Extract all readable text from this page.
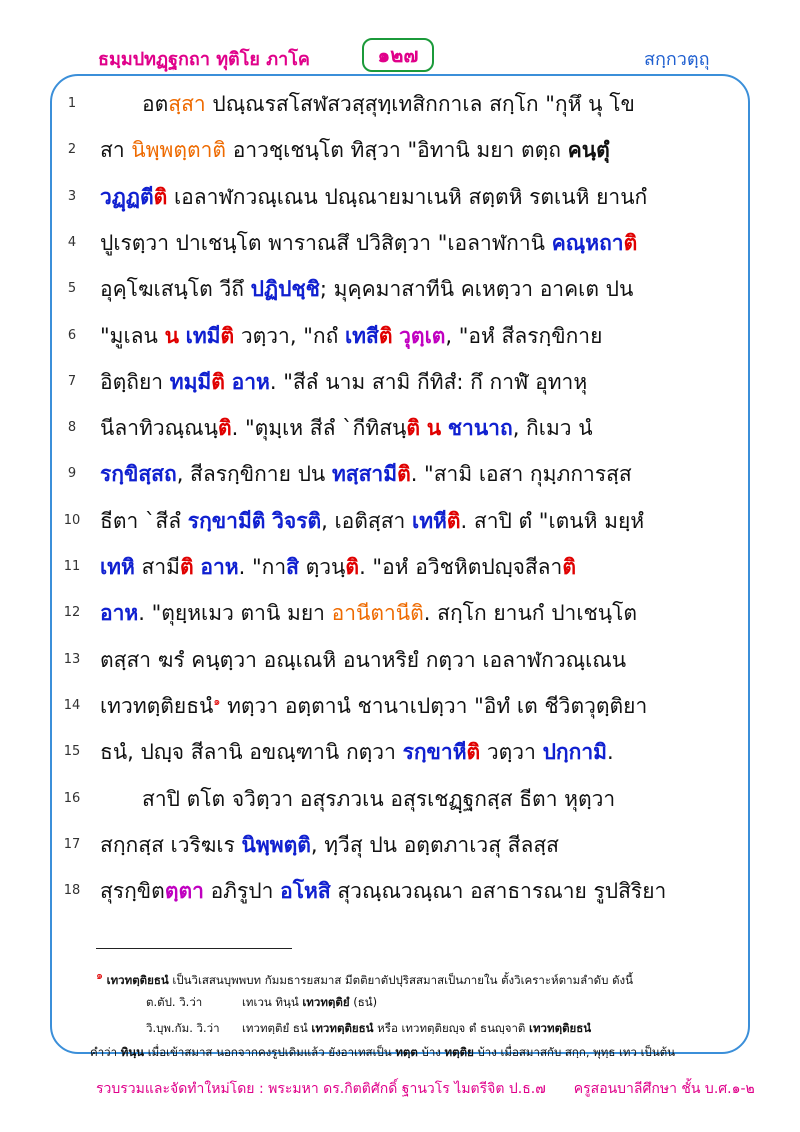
ธมฺมปทฏฺฐกถา ทุติโย ภาโค	๑๒๗	สกฺกวตฺถุ
1	อตสฺสา ปณฺณรสโสฬสวสฺสุทฺเทสิกกาเล สกฺโก "กุหึ นุ โข
2	สา นิพฺพตฺตาติ อาวชฺเชนฺโต ทิสฺวา "อิทานิ มยา ตตฺถ คนฺตุํ
3	วฏฺฏตีติ เอลาฬกวณฺเณน ปณฺณายมาเนหิ สตฺตหิ รตเนหิ ยานกํ
4	ปูเรตฺวา ปาเชนฺโต พาราณสึ ปวิสิตฺวา "เอลาฬกานิ คณฺหถาติ
5	อุคฺโฆเสนฺโต วีถึ ปฏิปชฺชิ; มุคฺคมาสาทีนิ คเหตฺวา อาคเต ปน
6	"มูเลน น เทมีติ วตฺวา, "กถํ เทสีติ วุตฺเต, "อหํ สีลรกฺขิกาย
7	อิตฺถิยา ทมฺมีติ อาห. "สีลํ นาม สามิ กีทิสํ: กึ กาฬํ อุทาหุ
8	นีลาทิวณฺณนฺติ. "ตุมฺเห สีลํ `กีทิสนฺติ น ชานาถ, กิเมว นํ
9	รกฺขิสฺสถ, สีลรกฺขิกาย ปน ทสฺสามีติ. "สามิ เอสา กุมฺภการสฺส
10 ธีตา `สีลํ รกฺขามีติ วิจรติ, เอติสฺสา เทหีติ. สาปิ ตํ "เตนหิ มยฺหํ
11 เทหิ สามีติ อาห. "กาสิ ตฺวนฺติ. "อหํ อวิชหิตปญฺจสีลาติ
12 อาห. "ตุยฺหเมว ตานิ มยา อานีตานีติ. สกฺโก ยานกํ ปาเชนฺโต
13 ตสฺสา ฆรํ คนฺตฺวา อณฺเณหิ อนาหริยํ กตฺวา เอลาฬกวณฺเณน
14 เทวทตฺติยธนํ$^๑$ ทตฺวา อตฺตานํ ชานาเปตฺวา "อิทํ เต ชีวิตวุตฺติยา
15 ธนํ, ปญฺจ สีลานิ อขณฺฑานิ กตฺวา รกฺขาหีติ วตฺวา ปกฺกามิ.
16	สาปิ ตโต จวิตฺวา อสุรภวเน อสุรเชฏฺฐกสฺส ธีตา หุตฺวา
17 สกฺกสฺส เวริฆเร นิพฺพตฺติ, ทฺวีสุ ปน อตฺตภาเวสุ สีลสฺส
18 สุรกฺขิตตฺตา อภิรูปา อโหสิ สุวณฺณวณฺณา อสาธารณาย รูปสิริยา
๑ เทวทตฺติยธนํ เป็นวิเสสนบุพพบท กัมมธารยสมาส มีตติยาตัปปุริสสมาสเป็นภายใน ตั้งวิเคราะห์ตามลำดับ ดังนี้
ต.ตัป. วิ.ว่า	เทเวน ทินฺนํ เทวทตฺติยํ (ธนํ)
วิ.บุพ.กัม. วิ.ว่า เทวทตฺติยํ ธนํ เทวทตฺติยธนํ หรือ เทวทตฺติยญฺจ ตํ ธนญฺจาติ เทวทตฺติยธนํ
คำว่า ทินฺน เมื่อเข้าสมาส นอกจากคงรูปเดิมแล้ว ยังอาเทสเป็น ทตฺต บ้าง ทตฺติย บ้าง เมื่อสมาสกับ สกฺก, พุทฺธ เทว เป็นต้น
รวบรวมและจัดทำใหม่โดย : พระมหา ดร.กิตติศักดิ์ ฐานวโร ไมตรีจิต ป.ธ.๗ ครูสอนบาลีศึกษา ชั้น บ.ศ.๑-๒
